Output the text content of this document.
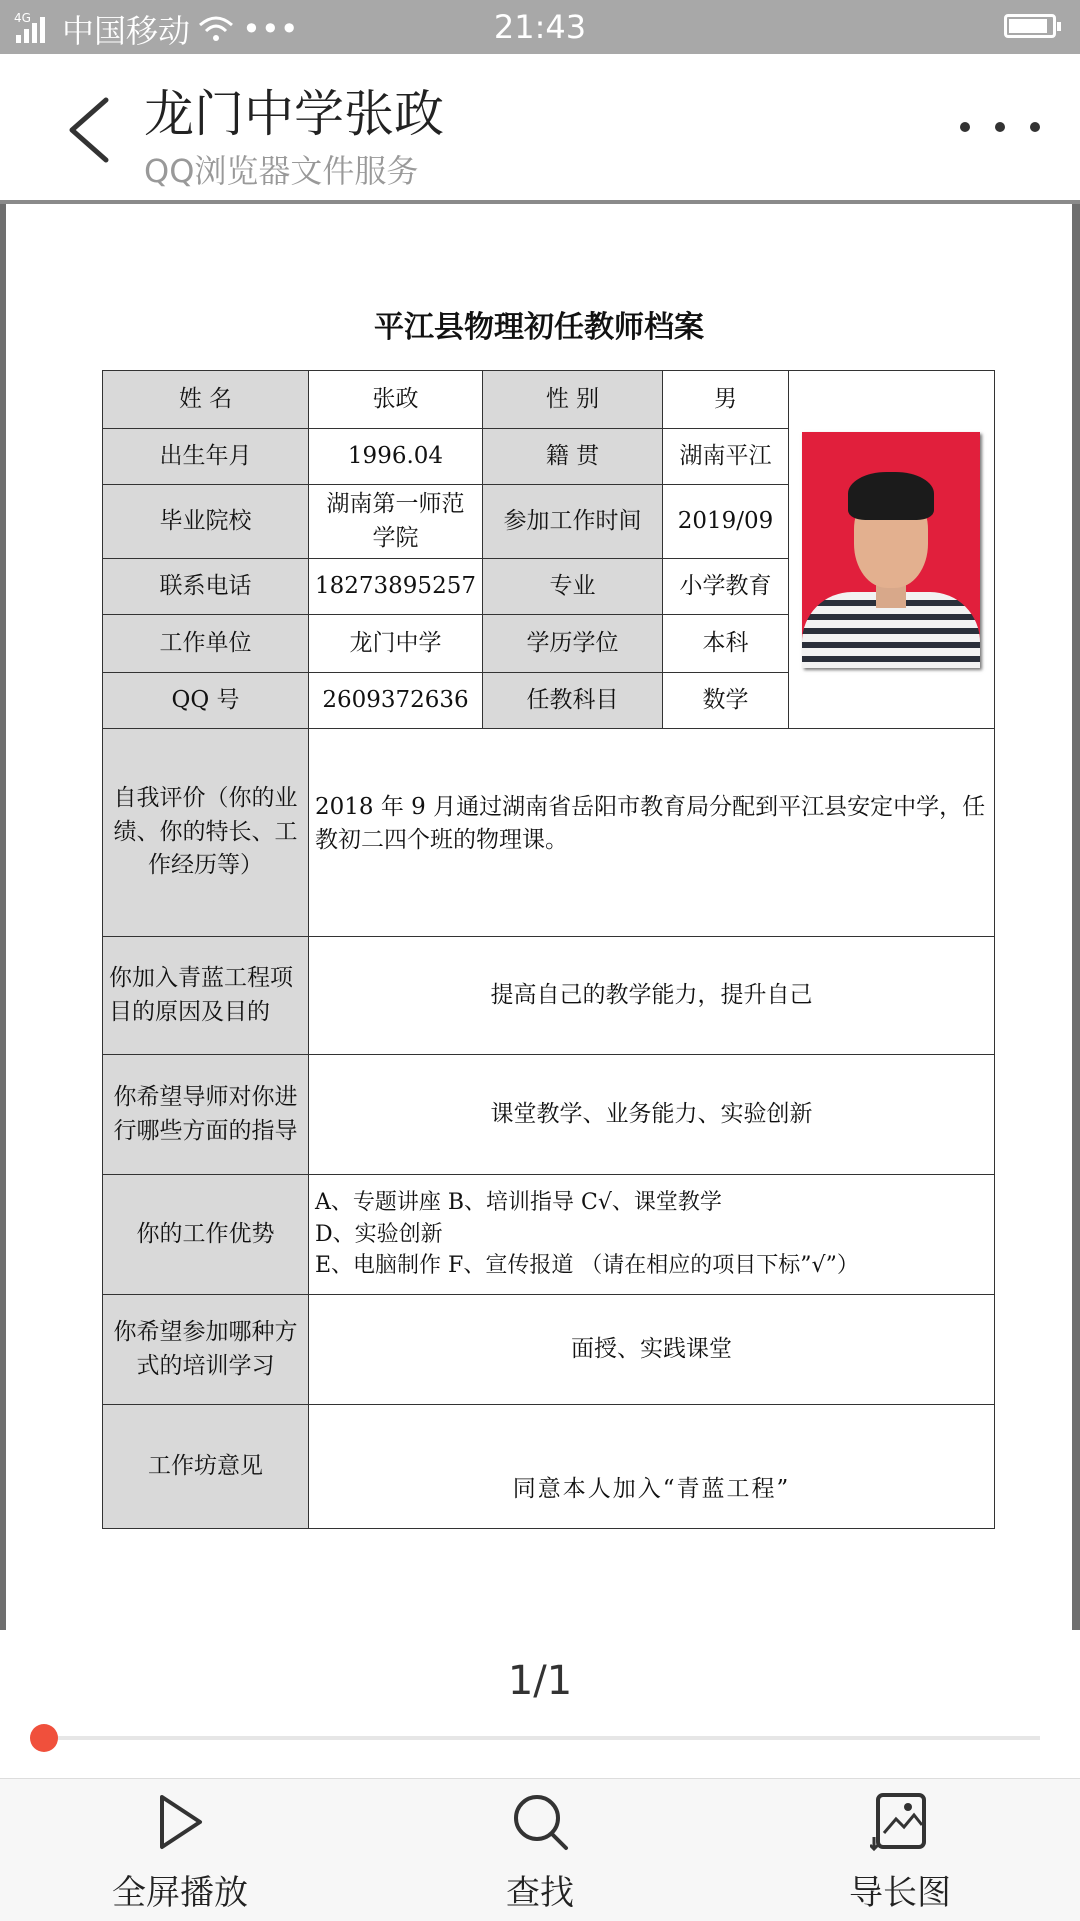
4G 中国移动 •••	21:43
龙门中学张政
QQ浏览器文件服务
平江县物理初任教师档案
姓 名	张政	性 别	男	

出生年月	1996.04	籍 贯	湖南平江	
毕业院校	湖南第一师范学院	参加工作时间	2019/09	
联系电话	18273895257	专业	小学教育	
工作单位	龙门中学	学历学位	本科	
QQ 号	2609372636	任教科目	数学	
自我评价（你的业绩、你的特长、工作经历等）	2018 年 9 月通过湖南省岳阳市教育局分配到平江县安定中学，任教初二四个班的物理课。			
你加入青蓝工程项目的原因及目的	提高自己的教学能力，提升自己			
你希望导师对你进行哪些方面的指导	课堂教学、业务能力、实验创新			
你的工作优势	A、专题讲座 B、培训指导 C√、课堂教学
D、实验创新
E、电脑制作 F、宣传报道 （请在相应的项目下标”√”）			

你希望参加哪种方式的培训学习	面授、实践课堂			
工作坊意见	同意本人加入“青蓝工程”			
1/1
全屏播放	查找	导长图
